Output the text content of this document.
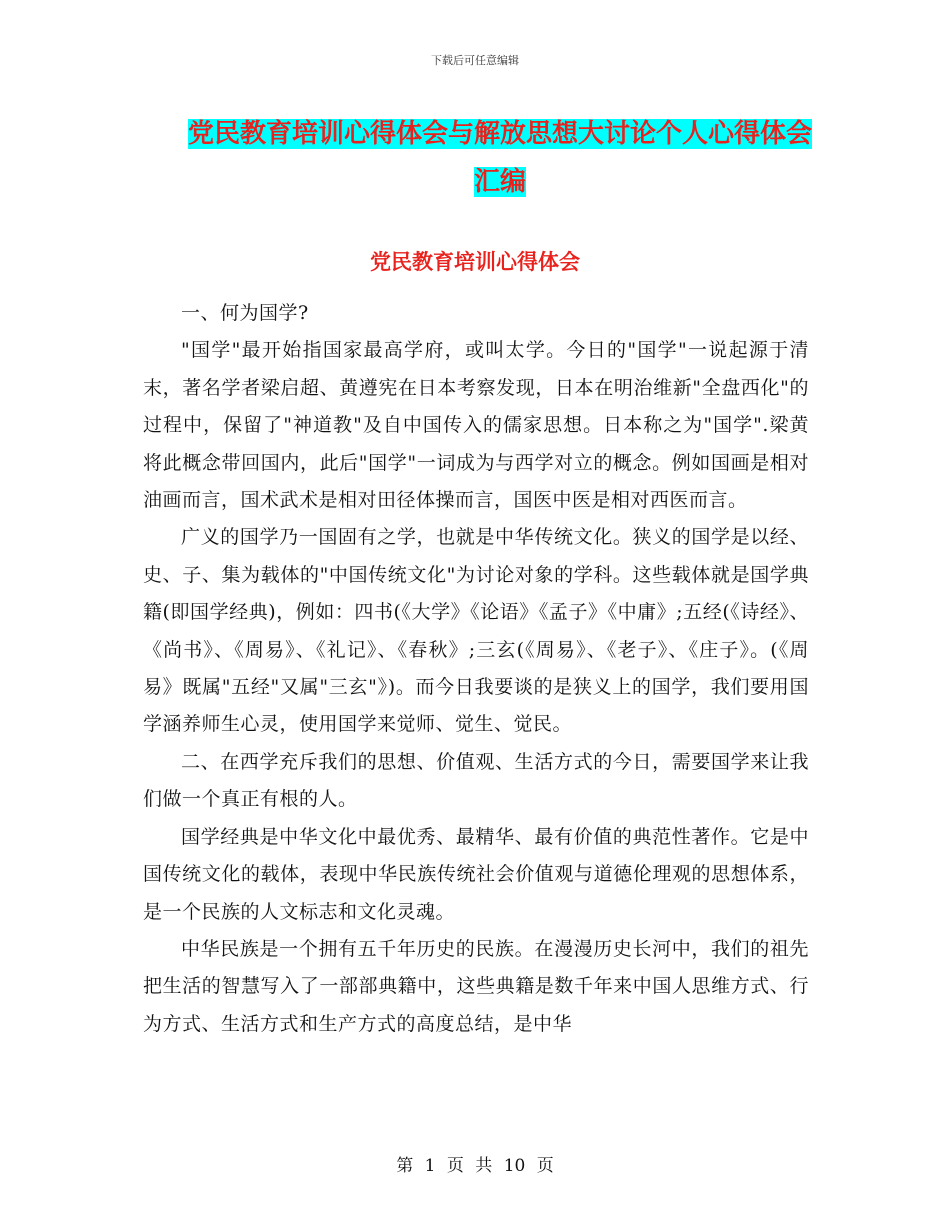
下载后可任意编辑
党民教育培训心得体会与解放思想大讨论个人心得体会汇编
党民教育培训心得体会

一、何为国学?

"国学"最开始指国家最高学府，或叫太学。今日的"国学"一说起源于清末，著名学者梁启超、黄遵宪在日本考察发现，日本在明治维新"全盘西化"的过程中，保留了"神道教"及自中国传入的儒家思想。日本称之为"国学".梁黄将此概念带回国内，此后"国学"一词成为与西学对立的概念。例如国画是相对油画而言，国术武术是相对田径体操而言，国医中医是相对西医而言。

广义的国学乃一国固有之学，也就是中华传统文化。狭义的国学是以经、史、子、集为载体的"中国传统文化"为讨论对象的学科。这些载体就是国学典籍(即国学经典)，例如：四书(《大学》《论语》《孟子》《中庸》;五经(《诗经》、《尚书》、《周易》、《礼记》、《春秋》;三玄(《周易》、《老子》、《庄子》。(《周易》既属"五经"又属"三玄"》)。而今日我要谈的是狭义上的国学，我们要用国学涵养师生心灵，使用国学来觉师、觉生、觉民。

二、在西学充斥我们的思想、价值观、生活方式的今日，需要国学来让我们做一个真正有根的人。

国学经典是中华文化中最优秀、最精华、最有价值的典范性著作。它是中国传统文化的载体，表现中华民族传统社会价值观与道德伦理观的思想体系，是一个民族的人文标志和文化灵魂。

中华民族是一个拥有五千年历史的民族。在漫漫历史长河中，我们的祖先把生活的智慧写入了一部部典籍中，这些典籍是数千年来中国人思维方式、行为方式、生活方式和生产方式的高度总结，是中华

第 1 页 共 10 页
